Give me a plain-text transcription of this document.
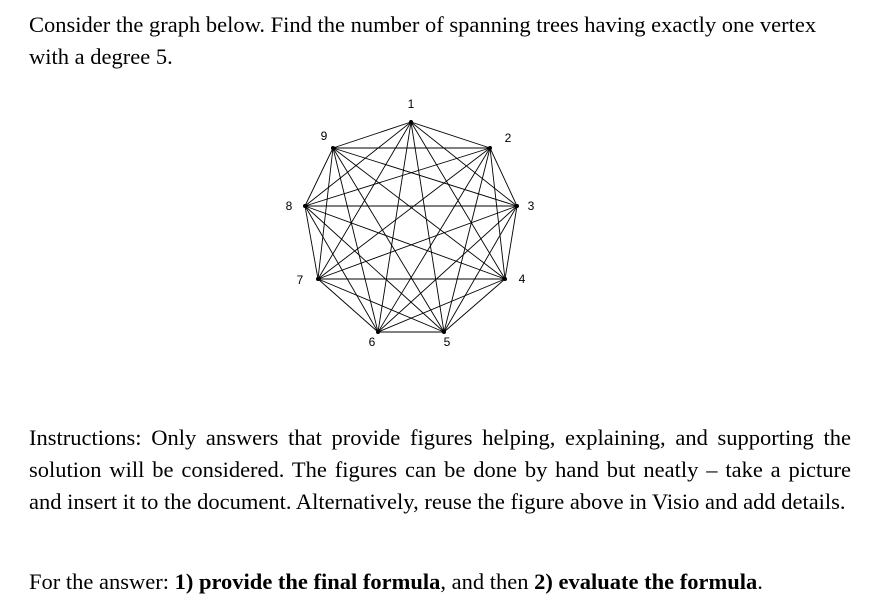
Consider the graph below. Find the number of spanning trees having exactly one vertex with a degree 5.

1
2
3
4
5
6
7
8
9

Instructions: Only answers that provide figures helping, explaining, and supporting the solution will be considered. The figures can be done by hand but neatly – take a picture and insert it to the document. Alternatively, reuse the figure above in Visio and add details.

For the answer: 1) provide the final formula, and then 2) evaluate the formula.
